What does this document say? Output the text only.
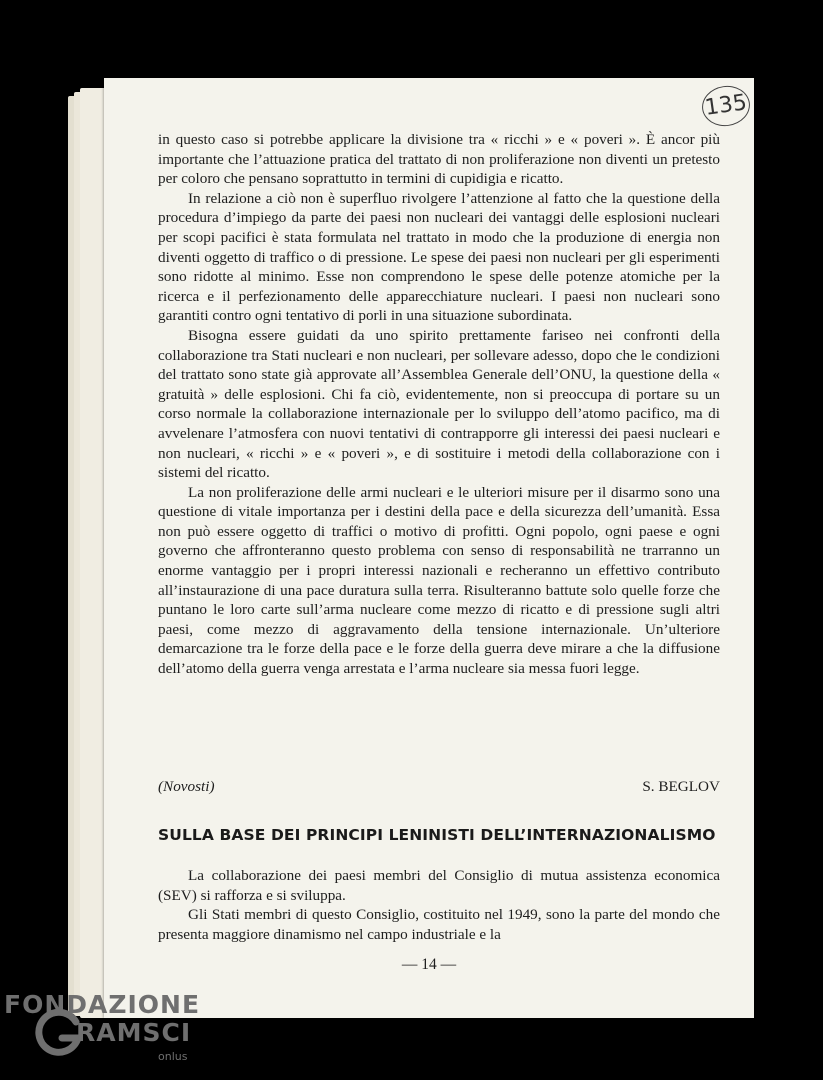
135

in questo caso si potrebbe applicare la divisione tra « ricchi » e « poveri ». È ancor più importante che l’attuazione pratica del trattato di non proliferazione non diventi un pretesto per coloro che pensano soprattutto in termini di cupidigia e ricatto.

In relazione a ciò non è superfluo rivolgere l’attenzione al fatto che la questione della procedura d’impiego da parte dei paesi non nucleari dei vantaggi delle esplosioni nucleari per scopi pacifici è stata formulata nel trattato in modo che la produzione di energia non diventi oggetto di traffico o di pressione. Le spese dei paesi non nucleari per gli esperimenti sono ridotte al minimo. Esse non comprendono le spese delle potenze atomiche per la ricerca e il perfezionamento delle apparecchiature nucleari. I paesi non nucleari sono garantiti contro ogni tentativo di porli in una situazione subordinata.

Bisogna essere guidati da uno spirito prettamente fariseo nei confronti della collaborazione tra Stati nucleari e non nucleari, per sollevare adesso, dopo che le condizioni del trattato sono state già approvate all’Assemblea Generale dell’ONU, la questione della « gratuità » delle esplosioni. Chi fa ciò, evidentemente, non si preoccupa di portare su un corso normale la collaborazione internazionale per lo sviluppo dell’atomo pacifico, ma di avvelenare l’atmosfera con nuovi tentativi di contrapporre gli interessi dei paesi nucleari e non nucleari, « ricchi » e « poveri », e di sostituire i metodi della collaborazione con i sistemi del ricatto.

La non proliferazione delle armi nucleari e le ulteriori misure per il disarmo sono una questione di vitale importanza per i destini della pace e della sicurezza dell’umanità. Essa non può essere oggetto di traffici o motivo di profitti. Ogni popolo, ogni paese e ogni governo che affronteranno questo problema con senso di responsabilità ne trarranno un enorme vantaggio per i propri interessi nazionali e recheranno un effettivo contributo all’instaurazione di una pace duratura sulla terra. Risulteranno battute solo quelle forze che puntano le loro carte sull’arma nucleare come mezzo di ricatto e di pressione sugli altri paesi, come mezzo di aggravamento della tensione internazionale. Un’ulteriore demarcazione tra le forze della pace e le forze della guerra deve mirare a che la diffusione dell’atomo della guerra venga arrestata e l’arma nucleare sia messa fuori legge.

(Novosti)	S. BEGLOV
SULLA BASE DEI PRINCIPI LENINISTI DELL’INTERNAZIONALISMO

La collaborazione dei paesi membri del Consiglio di mutua assistenza economica (SEV) si rafforza e si sviluppa.

Gli Stati membri di questo Consiglio, costituito nel 1949, sono la parte del mondo che presenta maggiore dinamismo nel campo industriale e la

— 14 —
FONDAZIONE
RAMSCI
onlus
